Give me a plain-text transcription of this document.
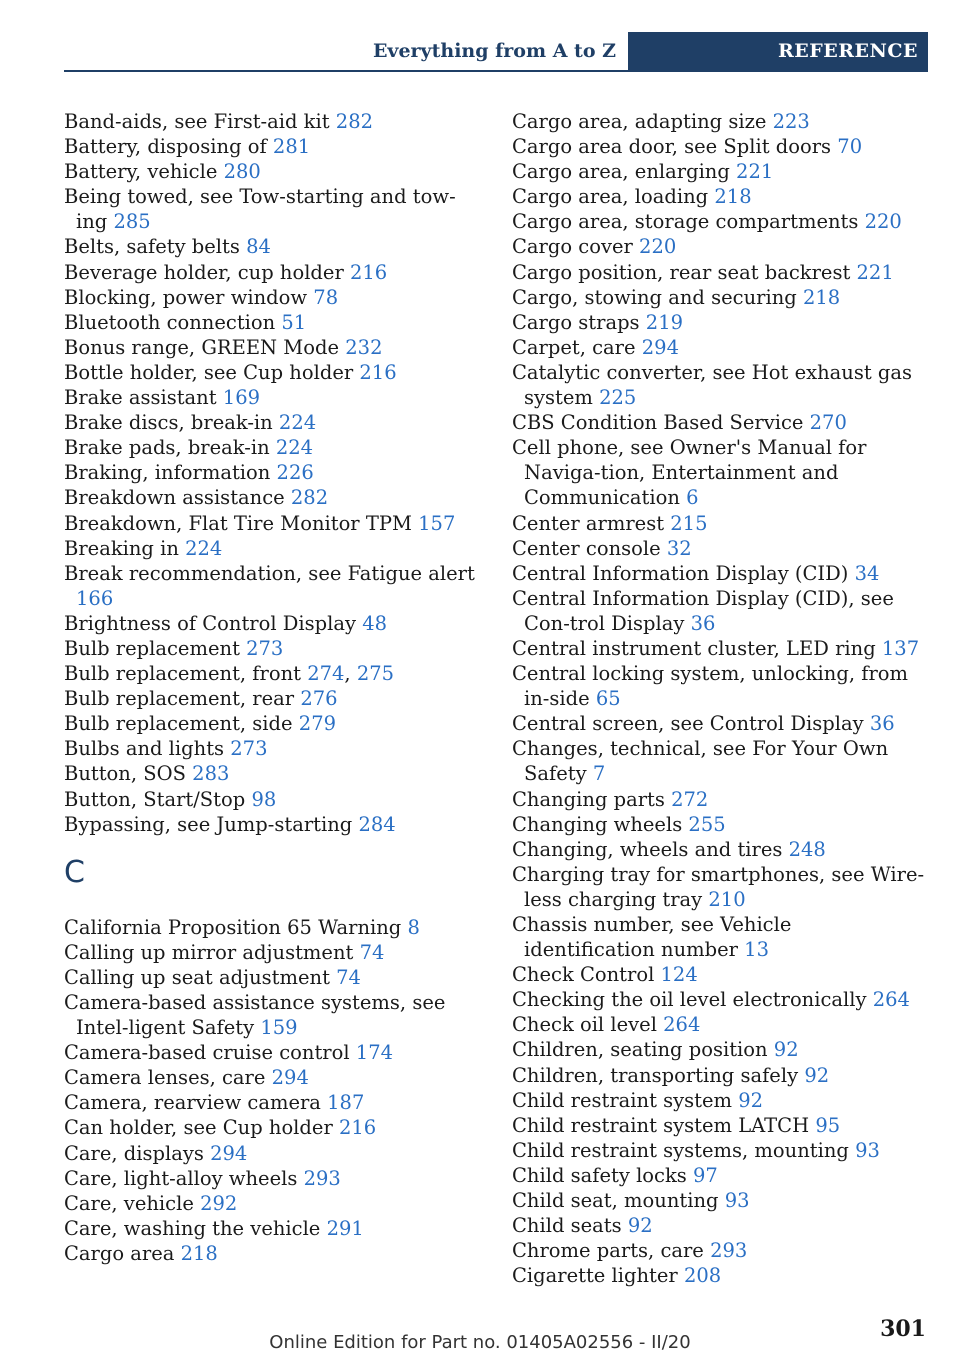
Everything from A to Z	REFERENCE
Band-aids, see First-aid kit 282
Battery, disposing of 281
Battery, vehicle 280
Being towed, see Tow-starting and tow-ing 285
Belts, safety belts 84
Beverage holder, cup holder 216
Blocking, power window 78
Bluetooth connection 51
Bonus range, GREEN Mode 232
Bottle holder, see Cup holder 216
Brake assistant 169
Brake discs, break-in 224
Brake pads, break-in 224
Braking, information 226
Breakdown assistance 282
Breakdown, Flat Tire Monitor TPM 157
Breaking in 224
Break recommendation, see Fatigue alert 166
Brightness of Control Display 48
Bulb replacement 273
Bulb replacement, front 274, 275
Bulb replacement, rear 276
Bulb replacement, side 279
Bulbs and lights 273
Button, SOS 283
Button, Start/Stop 98
Bypassing, see Jump-starting 284
C
California Proposition 65 Warning 8
Calling up mirror adjustment 74
Calling up seat adjustment 74
Camera-based assistance systems, see Intel-ligent Safety 159
Camera-based cruise control 174
Camera lenses, care 294
Camera, rearview camera 187
Can holder, see Cup holder 216
Care, displays 294
Care, light-alloy wheels 293
Care, vehicle 292
Care, washing the vehicle 291
Cargo area 218
Cargo area, adapting size 223
Cargo area door, see Split doors 70
Cargo area, enlarging 221
Cargo area, loading 218
Cargo area, storage compartments 220
Cargo cover 220
Cargo position, rear seat backrest 221
Cargo, stowing and securing 218
Cargo straps 219
Carpet, care 294
Catalytic converter, see Hot exhaust gas system 225
CBS Condition Based Service 270
Cell phone, see Owner's Manual for Naviga-tion, Entertainment and Communication 6
Center armrest 215
Center console 32
Central Information Display (CID) 34
Central Information Display (CID), see Con-trol Display 36
Central instrument cluster, LED ring 137
Central locking system, unlocking, from in-side 65
Central screen, see Control Display 36
Changes, technical, see For Your Own Safety 7
Changing parts 272
Changing wheels 255
Changing, wheels and tires 248
Charging tray for smartphones, see Wire-less charging tray 210
Chassis number, see Vehicle identification number 13
Check Control 124
Checking the oil level electronically 264
Check oil level 264
Children, seating position 92
Children, transporting safely 92
Child restraint system 92
Child restraint system LATCH 95
Child restraint systems, mounting 93
Child safety locks 97
Child seat, mounting 93
Child seats 92
Chrome parts, care 293
Cigarette lighter 208
Online Edition for Part no. 01405A02556 - II/20
301
